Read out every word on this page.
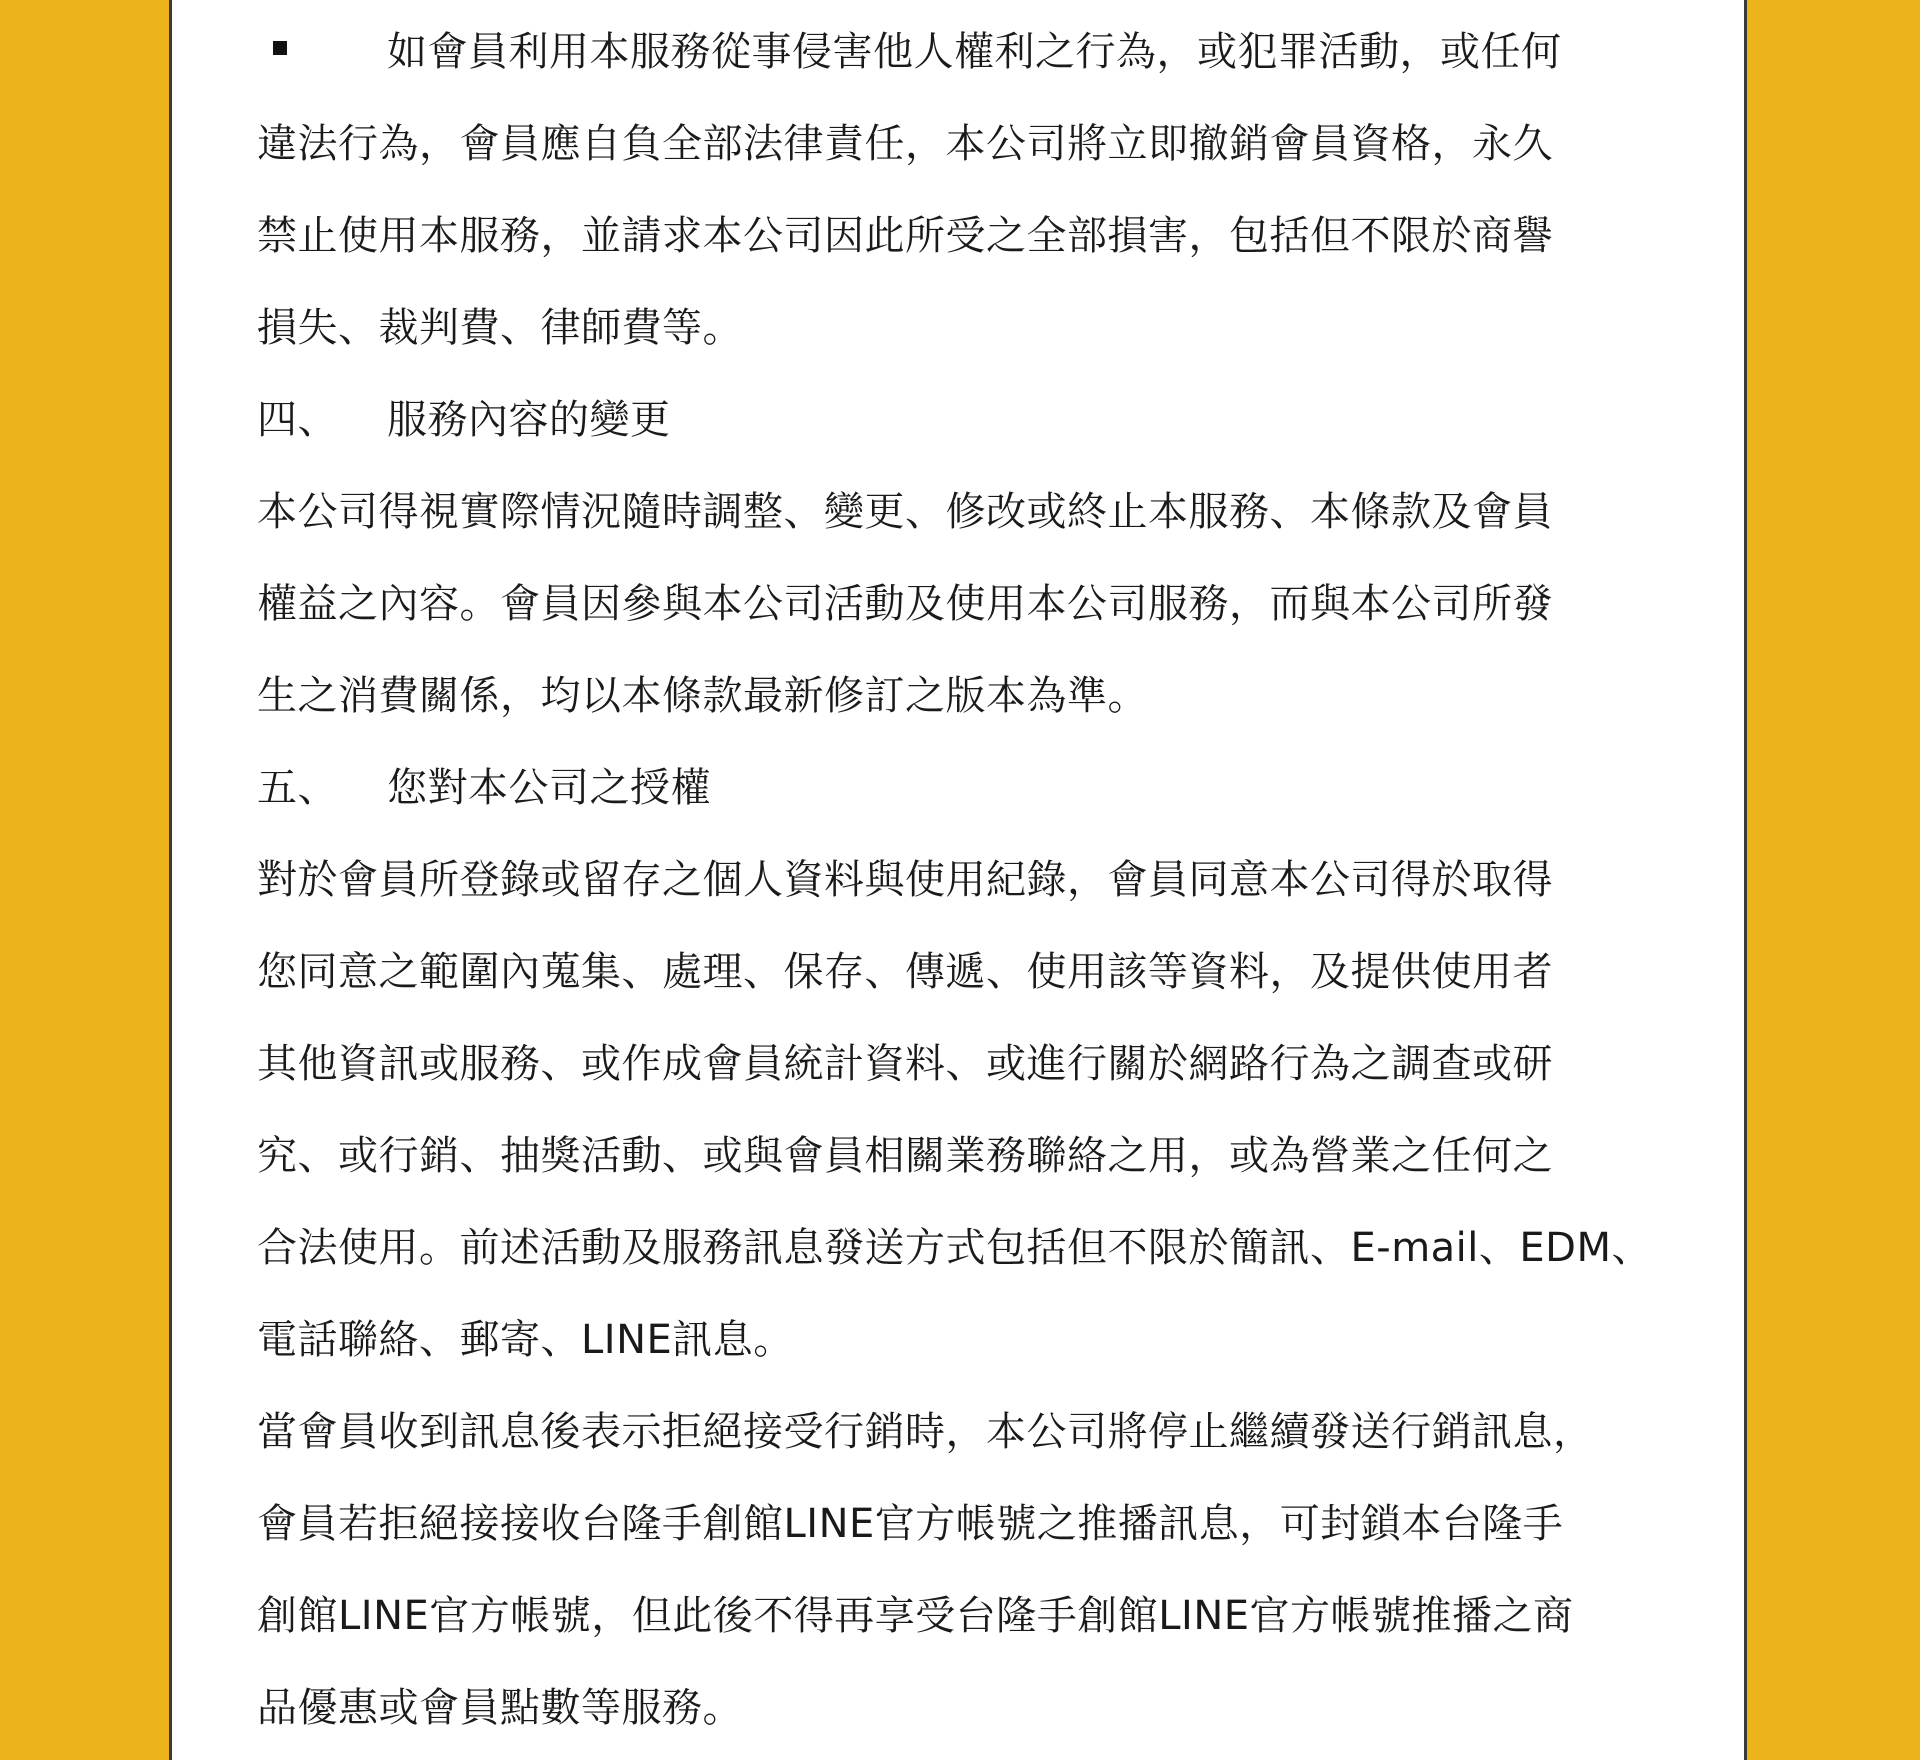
如會員利用本服務從事侵害他人權利之行為，或犯罪活動，或任何
違法行為，會員應自負全部法律責任，本公司將立即撤銷會員資格，永久
禁止使用本服務，並請求本公司因此所受之全部損害，包括但不限於商譽
損失、裁判費、律師費等。
四、 服務內容的變更
本公司得視實際情況隨時調整、變更、修改或終止本服務、本條款及會員
權益之內容。會員因參與本公司活動及使用本公司服務，而與本公司所發
生之消費關係，均以本條款最新修訂之版本為準。
五、 您對本公司之授權
對於會員所登錄或留存之個人資料與使用紀錄，會員同意本公司得於取得
您同意之範圍內蒐集、處理、保存、傳遞、使用該等資料，及提供使用者
其他資訊或服務、或作成會員統計資料、或進行關於網路行為之調查或研
究、或行銷、抽獎活動、或與會員相關業務聯絡之用，或為營業之任何之
合法使用。前述活動及服務訊息發送方式包括但不限於簡訊、E-mail、EDM、
電話聯絡、郵寄、LINE訊息。
當會員收到訊息後表示拒絕接受行銷時，本公司將停止繼續發送行銷訊息，
會員若拒絕接接收台隆手創館LINE官方帳號之推播訊息，可封鎖本台隆手
創館LINE官方帳號，但此後不得再享受台隆手創館LINE官方帳號推播之商
品優惠或會員點數等服務。
